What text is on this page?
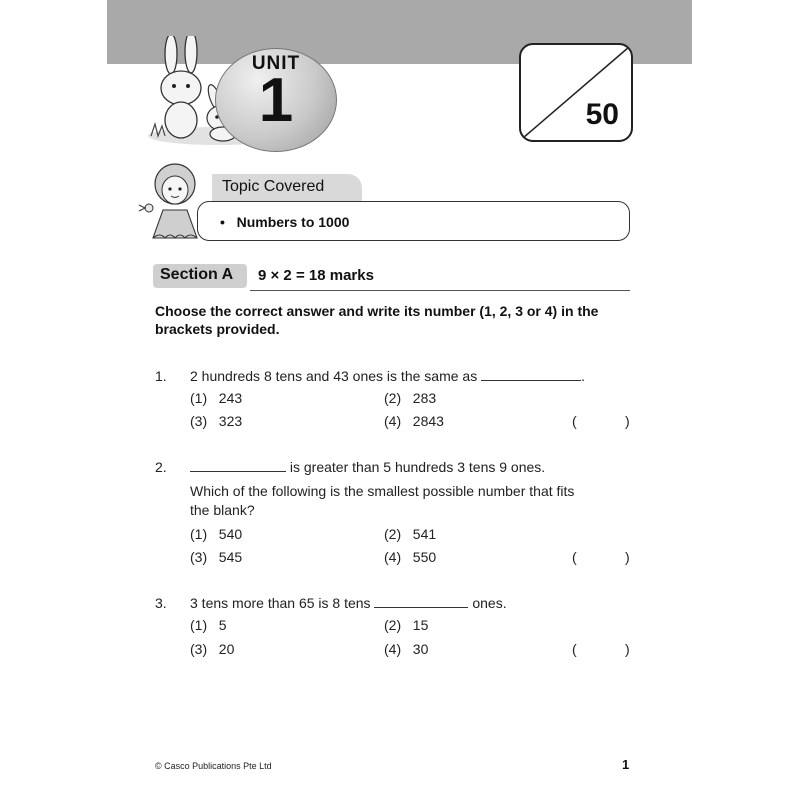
UNIT
1	50
Topic Covered
• Numbers to 1000
Section A 9 × 2 = 18 marks
Choose the correct answer and write its number (1, 2, 3 or 4) in the brackets provided.
1. 2 hundreds 8 tens and 43 ones is the same as	.
(1) 243	(2) 283
(3) 323	(4) 2843	(	)
2.	is greater than 5 hundreds 3 tens 9 ones.
Which of the following is the smallest possible number that fits
the blank?
(1) 540	(2) 541
(3) 545	(4) 550	(	)
3. 3 tens more than 65 is 8 tens	ones.
(1) 5	(2) 15
(3) 20	(4) 30	(	)
© Casco Publications Pte Ltd	1
